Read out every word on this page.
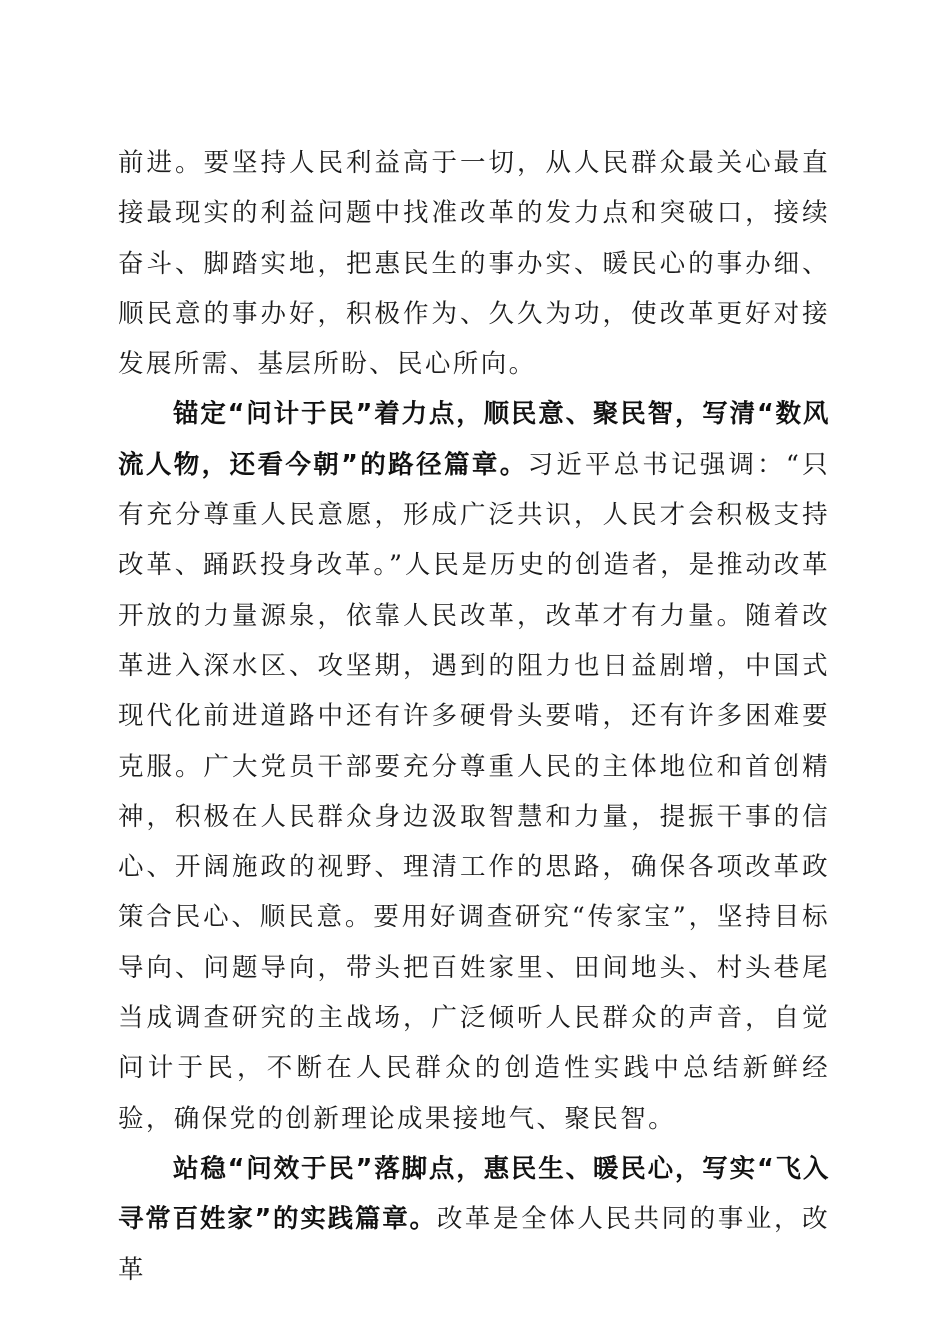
前进。要坚持人民利益高于一切，从人民群众最关心最直接最现实的利益问题中找准改革的发力点和突破口，接续奋斗、脚踏实地，把惠民生的事办实、暖民心的事办细、顺民意的事办好，积极作为、久久为功，使改革更好对接发展所需、基层所盼、民心所向。

锚定“问计于民”着力点，顺民意、聚民智，写清“数风流人物，还看今朝”的路径篇章。习近平总书记强调：“只有充分尊重人民意愿，形成广泛共识，人民才会积极支持改革、踊跃投身改革。”人民是历史的创造者，是推动改革开放的力量源泉，依靠人民改革，改革才有力量。随着改革进入深水区、攻坚期，遇到的阻力也日益剧增，中国式现代化前进道路中还有许多硬骨头要啃，还有许多困难要克服。广大党员干部要充分尊重人民的主体地位和首创精神，积极在人民群众身边汲取智慧和力量，提振干事的信心、开阔施政的视野、理清工作的思路，确保各项改革政策合民心、顺民意。要用好调查研究“传家宝”，坚持目标导向、问题导向，带头把百姓家里、田间地头、村头巷尾当成调查研究的主战场，广泛倾听人民群众的声音，自觉问计于民，不断在人民群众的创造性实践中总结新鲜经验，确保党的创新理论成果接地气、聚民智。

站稳“问效于民”落脚点，惠民生、暖民心，写实“飞入寻常百姓家”的实践篇章。改革是全体人民共同的事业，改革
